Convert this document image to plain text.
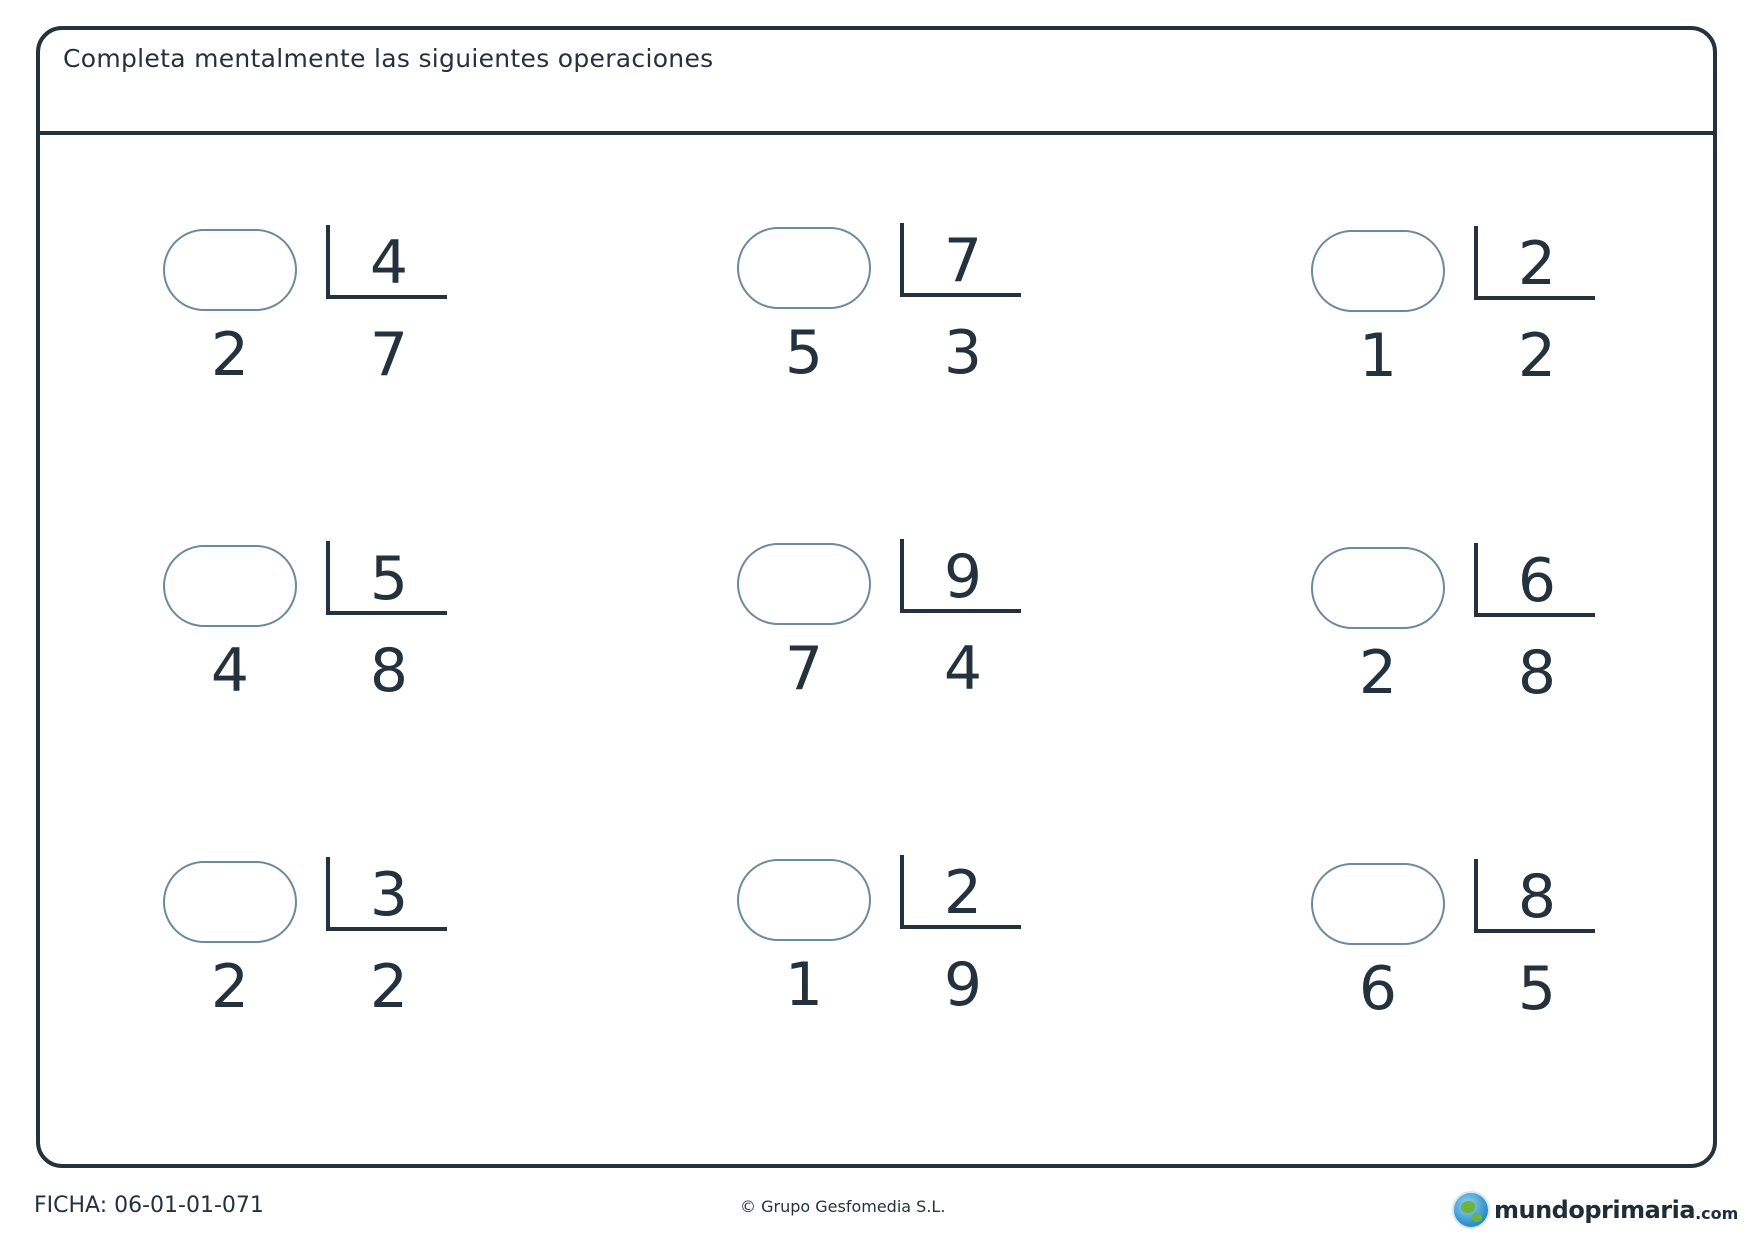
Completa mentalmente las siguientes operaciones
4
2	7
7
5	3
2
1	2
5
4	8
9
7	4
6
2	8
3
2	2
2
1	9
8
6	5
FICHA: 06-01-01-071	© Grupo Gesfomedia S.L.	mundoprimaria .com
